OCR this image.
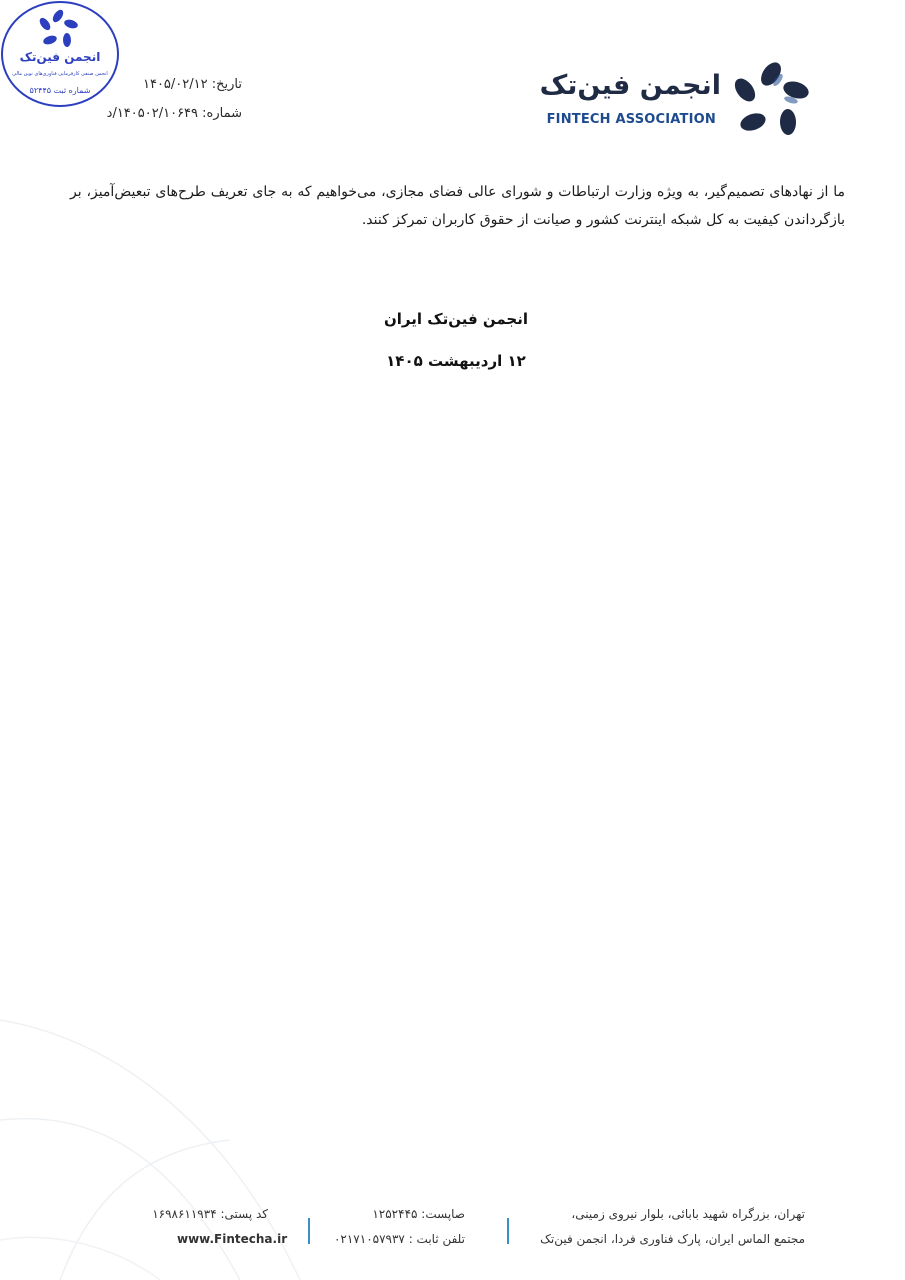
انجمن فین‌تک
FINTECH ASSOCIATION
تاریخ: ۱۴۰۵/۰۲/۱۲
شماره: ۱۴۰۵۰۲/۱۰۶۴۹/د

ما از نهادهای تصمیم‌گیر، به ویژه وزارت ارتباطات و شورای عالی فضای مجازی، می‌خواهیم که به جای تعریف طرح‌های تبعیض‌آمیز، بر بازگرداندن کیفیت به کل شبکه اینترنت کشور و صیانت از حقوق کاربران تمرکز کنند.

انجمن فین‌تک ایران
۱۲ اردیبهشت ۱۴۰۵
انجمن فین‌تک
انجمن صنفی کارفرمایی فناوری‌های نوین مالی
شماره ثبت ۵۲۴۴۵
تهران، بزرگراه شهید بابائی، بلوار نیروی زمینی،
مجتمع الماس ایران، پارک فناوری فردا، انجمن فین‌تک
صاپست: ۱۲۵۲۴۴۵
تلفن ثابت : ۰۲۱۷۱۰۵۷۹۳۷
کد پستی: ۱۶۹۸۶۱۱۹۳۴
www.Fintecha.ir
